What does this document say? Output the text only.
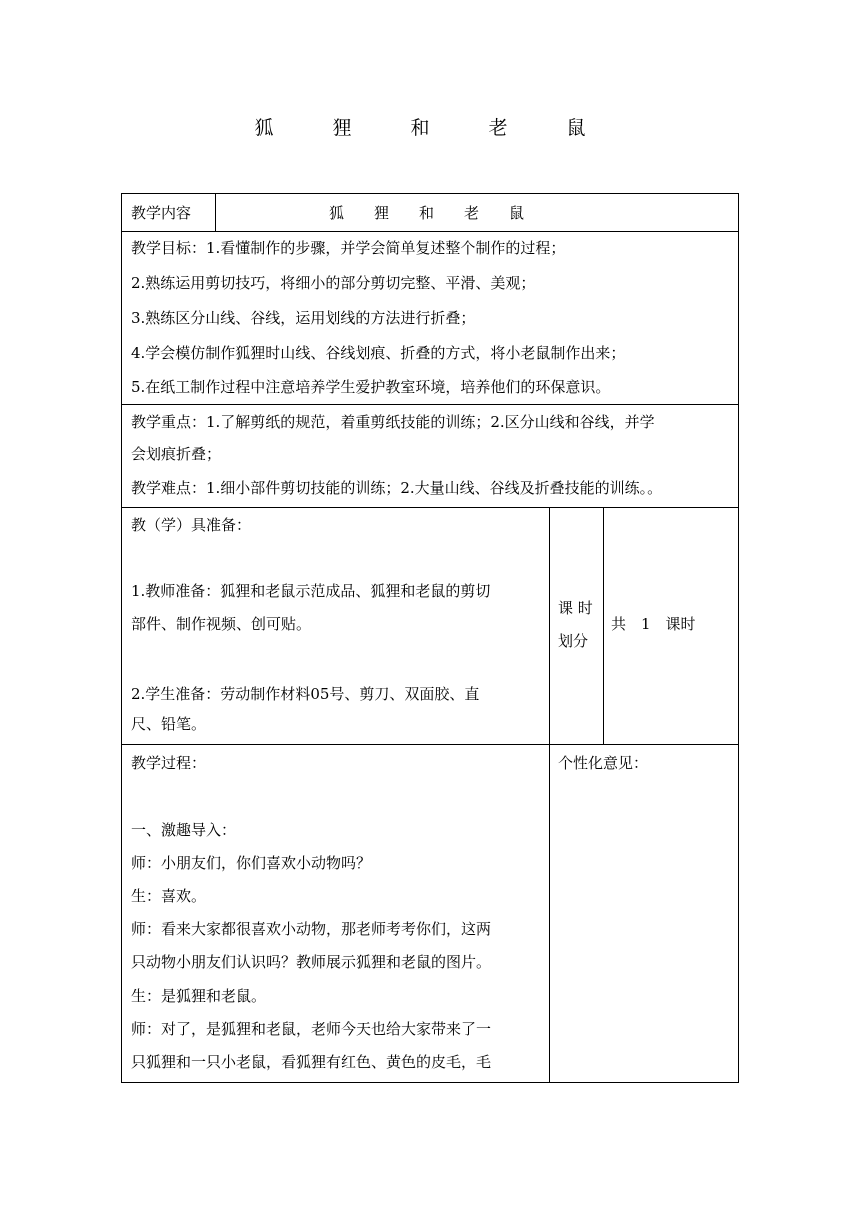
狐　狸　和　老　鼠
教学内容	狐　　狸　　和　　老　　鼠
教学目标：1.看懂制作的步骤，并学会简单复述整个制作的过程；
2.熟练运用剪切技巧，将细小的部分剪切完整、平滑、美观；
3.熟练区分山线、谷线，运用划线的方法进行折叠；
4.学会模仿制作狐狸时山线、谷线划痕、折叠的方式，将小老鼠制作出来；
5.在纸工制作过程中注意培养学生爱护教室环境，培养他们的环保意识。
教学重点：1.了解剪纸的规范，着重剪纸技能的训练；2.区分山线和谷线，并学
会划痕折叠；
教学难点：1.细小部件剪切技能的训练；2.大量山线、谷线及折叠技能的训练。。
教（学）具准备：
1.教师准备：狐狸和老鼠示范成品、狐狸和老鼠的剪切
部件、制作视频、创可贴。
2.学生准备：劳动制作材料05号、剪刀、双面胶、直
尺、铅笔。
课 时
划分
共　1　课时
教学过程：	个性化意见：
一、激趣导入：
师：小朋友们，你们喜欢小动物吗？
生：喜欢。
师：看来大家都很喜欢小动物，那老师考考你们，这两
只动物小朋友们认识吗？教师展示狐狸和老鼠的图片。
生：是狐狸和老鼠。
师：对了，是狐狸和老鼠，老师今天也给大家带来了一
只狐狸和一只小老鼠，看狐狸有红色、黄色的皮毛，毛
